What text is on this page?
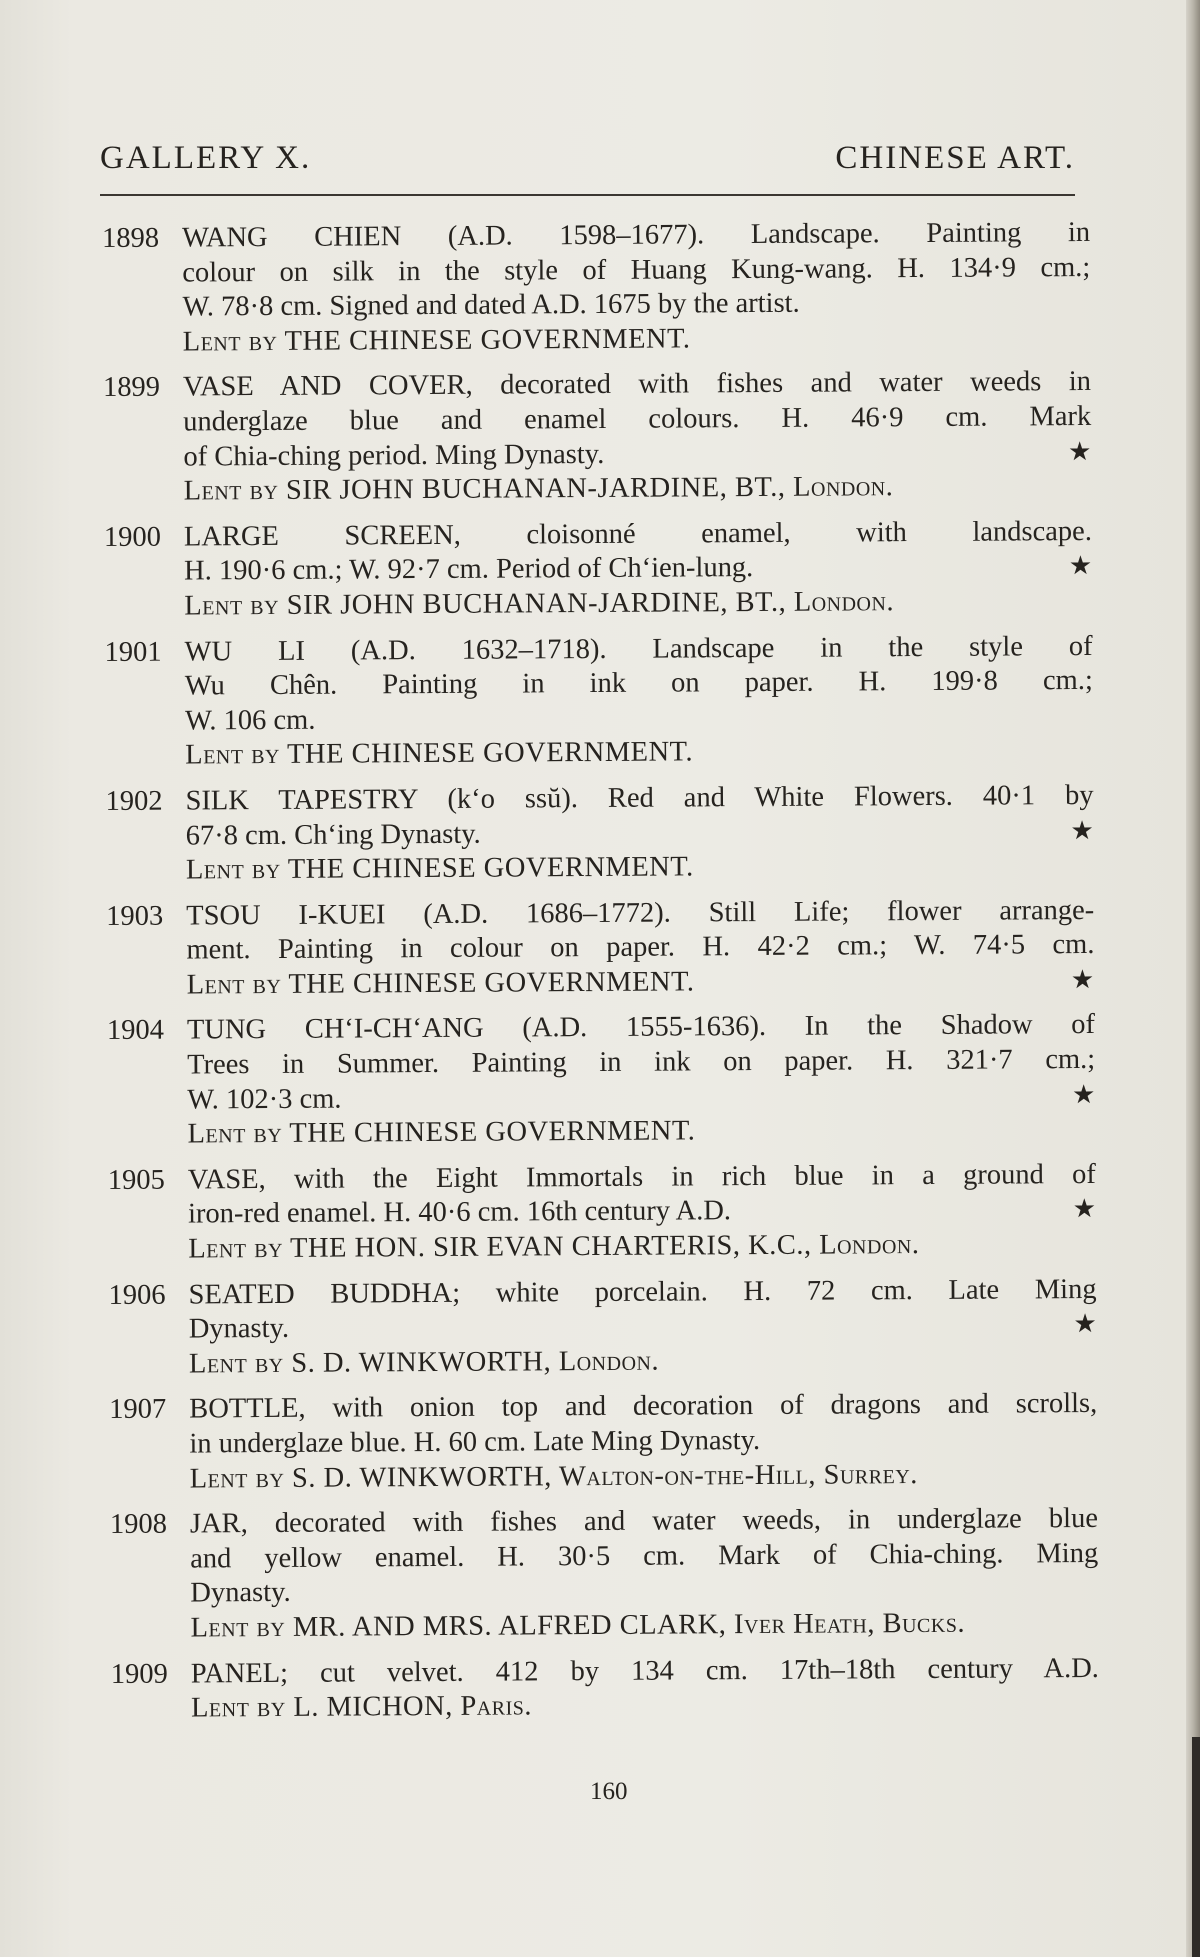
GALLERY X.	CHINESE ART.
1898 WANG CHIEN (A.D. 1598–1677). Landscape. Painting in
colour on silk in the style of Huang Kung-wang. H. 134·9 cm.;
W. 78·8 cm. Signed and dated A.D. 1675 by the artist.
Lent by THE CHINESE GOVERNMENT.
1899 VASE AND COVER, decorated with fishes and water weeds in
underglaze blue and enamel colours. H. 46·9 cm. Mark
of Chia-ching period. Ming Dynasty.	★
Lent by SIR JOHN BUCHANAN-JARDINE, BT., London.
1900 LARGE SCREEN, cloisonné enamel, with landscape.
H. 190·6 cm.; W. 92·7 cm. Period of Ch‘ien-lung.	★
Lent by SIR JOHN BUCHANAN-JARDINE, BT., London.
1901 WU LI (A.D. 1632–1718). Landscape in the style of
Wu Chên. Painting in ink on paper. H. 199·8 cm.;
W. 106 cm.
Lent by THE CHINESE GOVERNMENT.
1902 SILK TAPESTRY (k‘o ssŭ). Red and White Flowers. 40·1 by
67·8 cm. Ch‘ing Dynasty.	★
Lent by THE CHINESE GOVERNMENT.
1903 TSOU I-KUEI (A.D. 1686–1772). Still Life; flower arrange-
ment. Painting in colour on paper. H. 42·2 cm.; W. 74·5 cm.
Lent by THE CHINESE GOVERNMENT.	★
1904 TUNG CH‘I-CH‘ANG (A.D. 1555-1636). In the Shadow of
Trees in Summer. Painting in ink on paper. H. 321·7 cm.;
W. 102·3 cm.	★
Lent by THE CHINESE GOVERNMENT.
1905 VASE, with the Eight Immortals in rich blue in a ground of
iron-red enamel. H. 40·6 cm. 16th century A.D.	★
Lent by THE HON. SIR EVAN CHARTERIS, K.C., London.
1906 SEATED BUDDHA; white porcelain. H. 72 cm. Late Ming
Dynasty.	★
Lent by S. D. WINKWORTH, London.
1907 BOTTLE, with onion top and decoration of dragons and scrolls,
in underglaze blue. H. 60 cm. Late Ming Dynasty.
Lent by S. D. WINKWORTH, Walton-on-the-Hill, Surrey.
1908 JAR, decorated with fishes and water weeds, in underglaze blue
and yellow enamel. H. 30·5 cm. Mark of Chia-ching. Ming
Dynasty.
Lent by MR. AND MRS. ALFRED CLARK, Iver Heath, Bucks.
1909 PANEL; cut velvet. 412 by 134 cm. 17th–18th century A.D.
Lent by L. MICHON, Paris.
160
